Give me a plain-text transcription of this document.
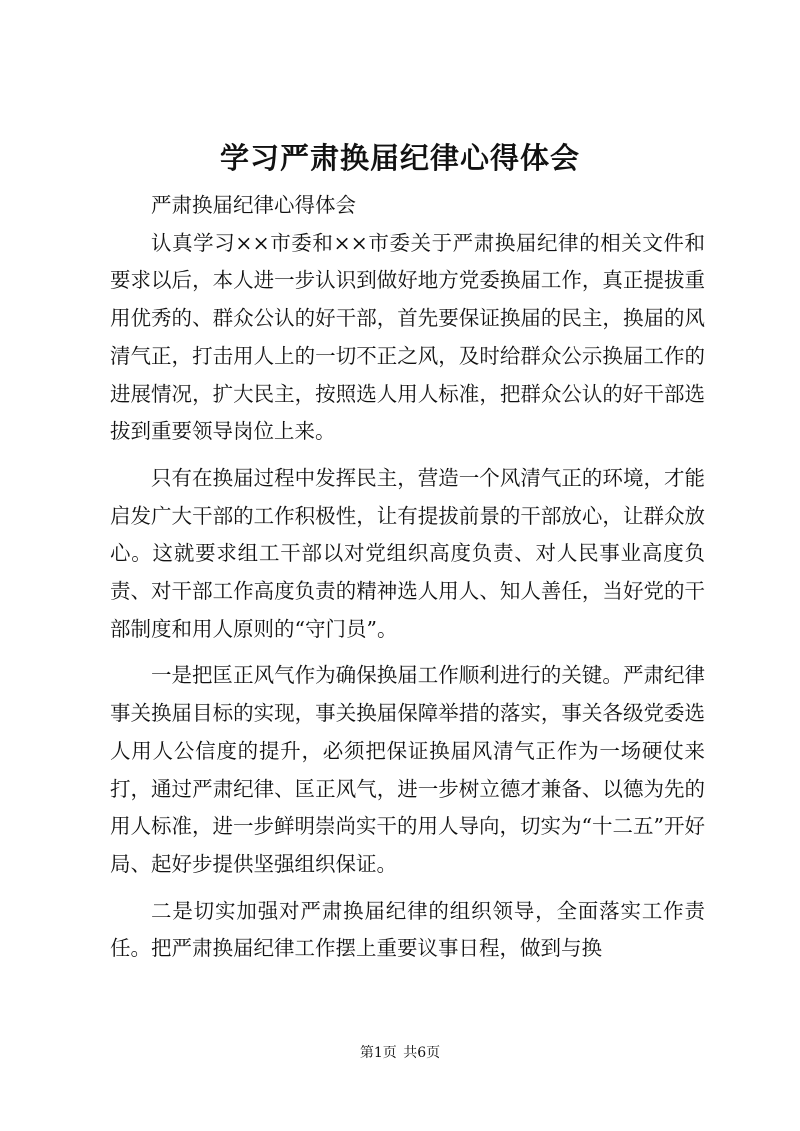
学习严肃换届纪律心得体会

严肃换届纪律心得体会

认真学习××市委和××市委关于严肃换届纪律的相关文件和要求以后，本人进一步认识到做好地方党委换届工作，真正提拔重用优秀的、群众公认的好干部，首先要保证换届的民主，换届的风清气正，打击用人上的一切不正之风，及时给群众公示换届工作的进展情况，扩大民主，按照选人用人标准，把群众公认的好干部选拔到重要领导岗位上来。

只有在换届过程中发挥民主，营造一个风清气正的环境，才能启发广大干部的工作积极性，让有提拔前景的干部放心，让群众放心。这就要求组工干部以对党组织高度负责、对人民事业高度负责、对干部工作高度负责的精神选人用人、知人善任，当好党的干部制度和用人原则的“守门员”。

一是把匡正风气作为确保换届工作顺利进行的关键。严肃纪律事关换届目标的实现，事关换届保障举措的落实，事关各级党委选人用人公信度的提升，必须把保证换届风清气正作为一场硬仗来打，通过严肃纪律、匡正风气，进一步树立德才兼备、以德为先的用人标准，进一步鲜明崇尚实干的用人导向，切实为“十二五”开好局、起好步提供坚强组织保证。

二是切实加强对严肃换届纪律的组织领导，全面落实工作责任。把严肃换届纪律工作摆上重要议事日程，做到与换

第1页 共6页
